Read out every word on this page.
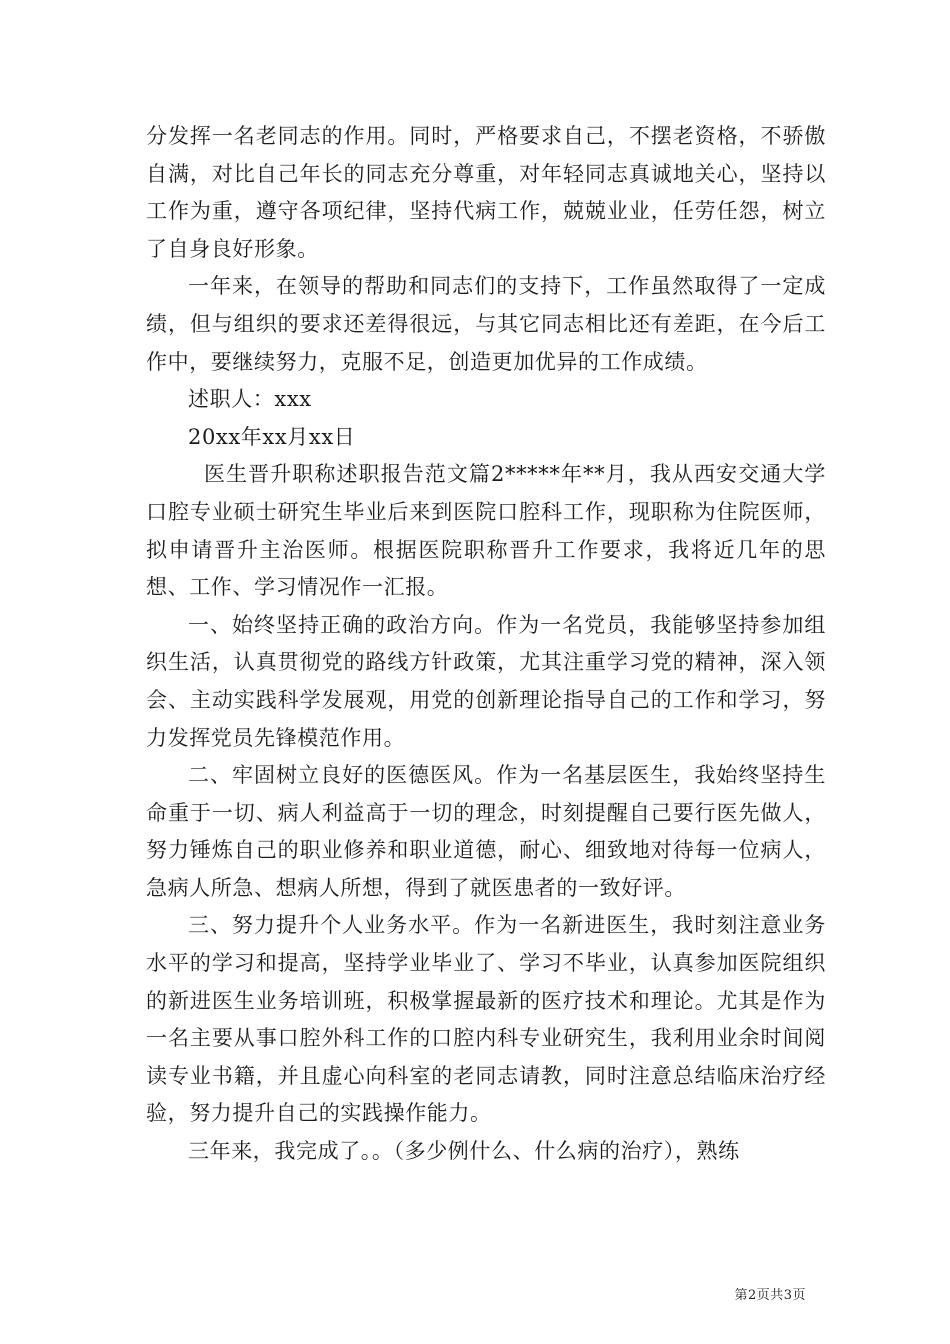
分发挥一名老同志的作用。同时，严格要求自己，不摆老资格，不骄傲自满，对比自己年长的同志充分尊重，对年轻同志真诚地关心，坚持以工作为重，遵守各项纪律，坚持代病工作，兢兢业业，任劳任怨，树立了自身良好形象。

一年来，在领导的帮助和同志们的支持下，工作虽然取得了一定成绩，但与组织的要求还差得很远，与其它同志相比还有差距，在今后工作中，要继续努力，克服不足，创造更加优异的工作成绩。

述职人：xxx

20xx年xx月xx日

医生晋升职称述职报告范文篇2*****年**月，我从西安交通大学口腔专业硕士研究生毕业后来到医院口腔科工作，现职称为住院医师，拟申请晋升主治医师。根据医院职称晋升工作要求，我将近几年的思想、工作、学习情况作一汇报。

一、始终坚持正确的政治方向。作为一名党员，我能够坚持参加组织生活，认真贯彻党的路线方针政策，尤其注重学习党的精神，深入领会、主动实践科学发展观，用党的创新理论指导自己的工作和学习，努力发挥党员先锋模范作用。

二、牢固树立良好的医德医风。作为一名基层医生，我始终坚持生命重于一切、病人利益高于一切的理念，时刻提醒自己要行医先做人，努力锤炼自己的职业修养和职业道德，耐心、细致地对待每一位病人，急病人所急、想病人所想，得到了就医患者的一致好评。

三、努力提升个人业务水平。作为一名新进医生，我时刻注意业务水平的学习和提高，坚持学业毕业了、学习不毕业，认真参加医院组织的新进医生业务培训班，积极掌握最新的医疗技术和理论。尤其是作为一名主要从事口腔外科工作的口腔内科专业研究生，我利用业余时间阅读专业书籍，并且虚心向科室的老同志请教，同时注意总结临床治疗经验，努力提升自己的实践操作能力。

三年来，我完成了。。（多少例什么、什么病的治疗），熟练

第2页共3页
